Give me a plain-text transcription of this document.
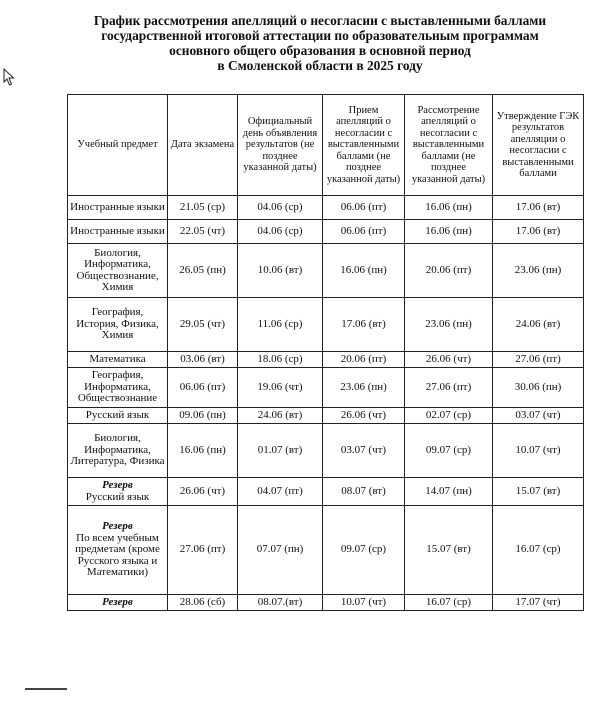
График рассмотрения апелляций о несогласии с выставленными баллами
государственной итоговой аттестации по образовательным программам
основного общего образования в основной период
в Смоленской области в 2025 году
Учебный предмет	Дата экзамена	Официальный день объявления результатов (не позднее указанной даты)	Прием апелляций о несогласии с выставленными баллами (не позднее указанной даты)	Рассмотрение апелляций о несогласии с выставленными баллами (не позднее указанной даты)	Утверждение ГЭК результатов апелляции о несогласии с выставленными баллами

Иностранные языки	21.05 (ср)	04.06 (ср)	06.06 (пт)	16.06 (пн)	17.06 (вт)

Иностранные языки	22.05 (чт)	04.06 (ср)	06.06 (пт)	16.06 (пн)	17.06 (вт)

Биология, Информатика, Обществознание, Химия	26.05 (пн)	10.06 (вт)	16.06 (пн)	20.06 (пт)	23.06 (пн)

География, История, Физика, Химия	29.05 (чт)	11.06 (ср)	17.06 (вт)	23.06 (пн)	24.06 (вт)

Математика	03.06 (вт)	18.06 (ср)	20.06 (пт)	26.06 (чт)	27.06 (пт)

География, Информатика, Обществознание	06.06 (пт)	19.06 (чт)	23.06 (пн)	27.06 (пт)	30.06 (пн)

Русский язык	09.06 (пн)	24.06 (вт)	26.06 (чт)	02.07 (ср)	03.07 (чт)

Биология, Информатика, Литература, Физика	16.06 (пн)	01.07 (вт)	03.07 (чт)	09.07 (ср)	10.07 (чт)

Резерв
Русский язык	26.06 (чт)	04.07 (пт)	08.07 (вт)	14.07 (пн)	15.07 (вт)

Резерв
По всем учебным предметам (кроме Русского языка и Математики)	27.06 (пт)	07.07 (пн)	09.07 (ср)	15.07 (вт)	16.07 (ср)

Резерв	28.06 (сб)	08.07.(вт)	10.07 (чт)	16.07 (ср)	17.07 (чт)
